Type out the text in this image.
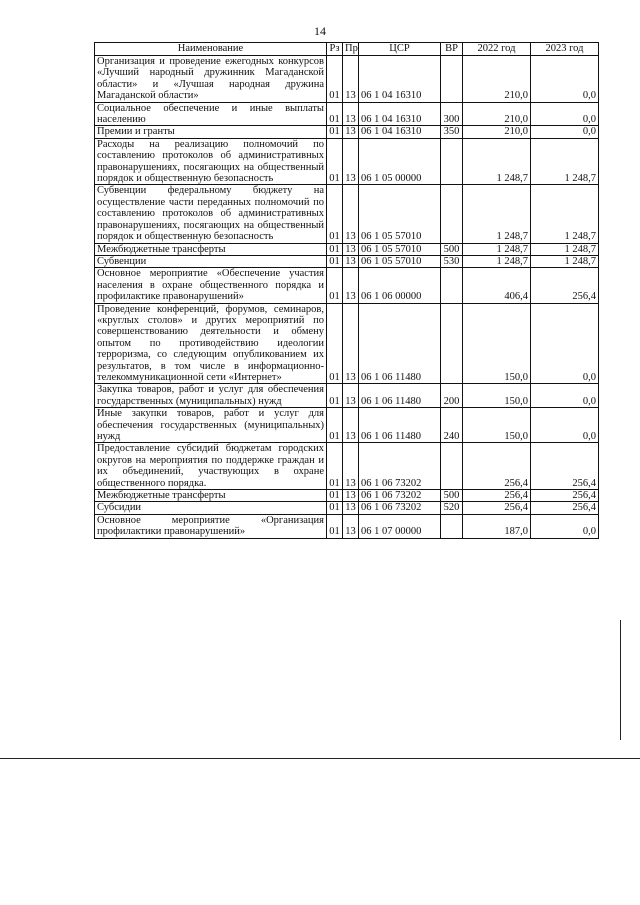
14
Наименование	Рз	Пр	ЦСР	ВР	2022 год	2023 год
Организация и проведение ежегодных конкурсов «Лучший народный дружинник Магаданской области» и «Лучшая народная дружина Магаданской области»	01	13	06 1 04 16310		210,0	0,0
Социальное обеспечение и иные выплаты населению	01	13	06 1 04 16310	300	210,0	0,0
Премии и гранты	01	13	06 1 04 16310	350	210,0	0,0
Расходы на реализацию полномочий по составлению протоколов об административных правонарушениях, посягающих на общественный порядок и общественную безопасность	01	13	06 1 05 00000		1 248,7	1 248,7
Субвенции федеральному бюджету на осуществление части переданных полномочий по составлению протоколов об административных правонарушениях, посягающих на общественный порядок и общественную безопасность	01	13	06 1 05 57010		1 248,7	1 248,7
Межбюджетные трансферты	01	13	06 1 05 57010	500	1 248,7	1 248,7
Субвенции	01	13	06 1 05 57010	530	1 248,7	1 248,7
Основное мероприятие «Обеспечение участия населения в охране общественного порядка и профилактике правонарушений»	01	13	06 1 06 00000		406,4	256,4
Проведение конференций, форумов, семинаров, «круглых столов» и других мероприятий по совершенствованию деятельности и обмену опытом по противодействию идеологии терроризма, со следующим опубликованием их результатов, в том числе в информационно-телекоммуникационной сети «Интернет»	01	13	06 1 06 11480		150,0	0,0
Закупка товаров, работ и услуг для обеспечения государственных (муниципальных) нужд	01	13	06 1 06 11480	200	150,0	0,0
Иные закупки товаров, работ и услуг для обеспечения государственных (муниципальных) нужд	01	13	06 1 06 11480	240	150,0	0,0
Предоставление субсидий бюджетам городских округов на мероприятия по поддержке граждан и их объединений, участвующих в охране общественного порядка.	01	13	06 1 06 73202		256,4	256,4
Межбюджетные трансферты	01	13	06 1 06 73202	500	256,4	256,4
Субсидии	01	13	06 1 06 73202	520	256,4	256,4
Основное мероприятие «Организация профилактики правонарушений»	01	13	06 1 07 00000		187,0	0,0
